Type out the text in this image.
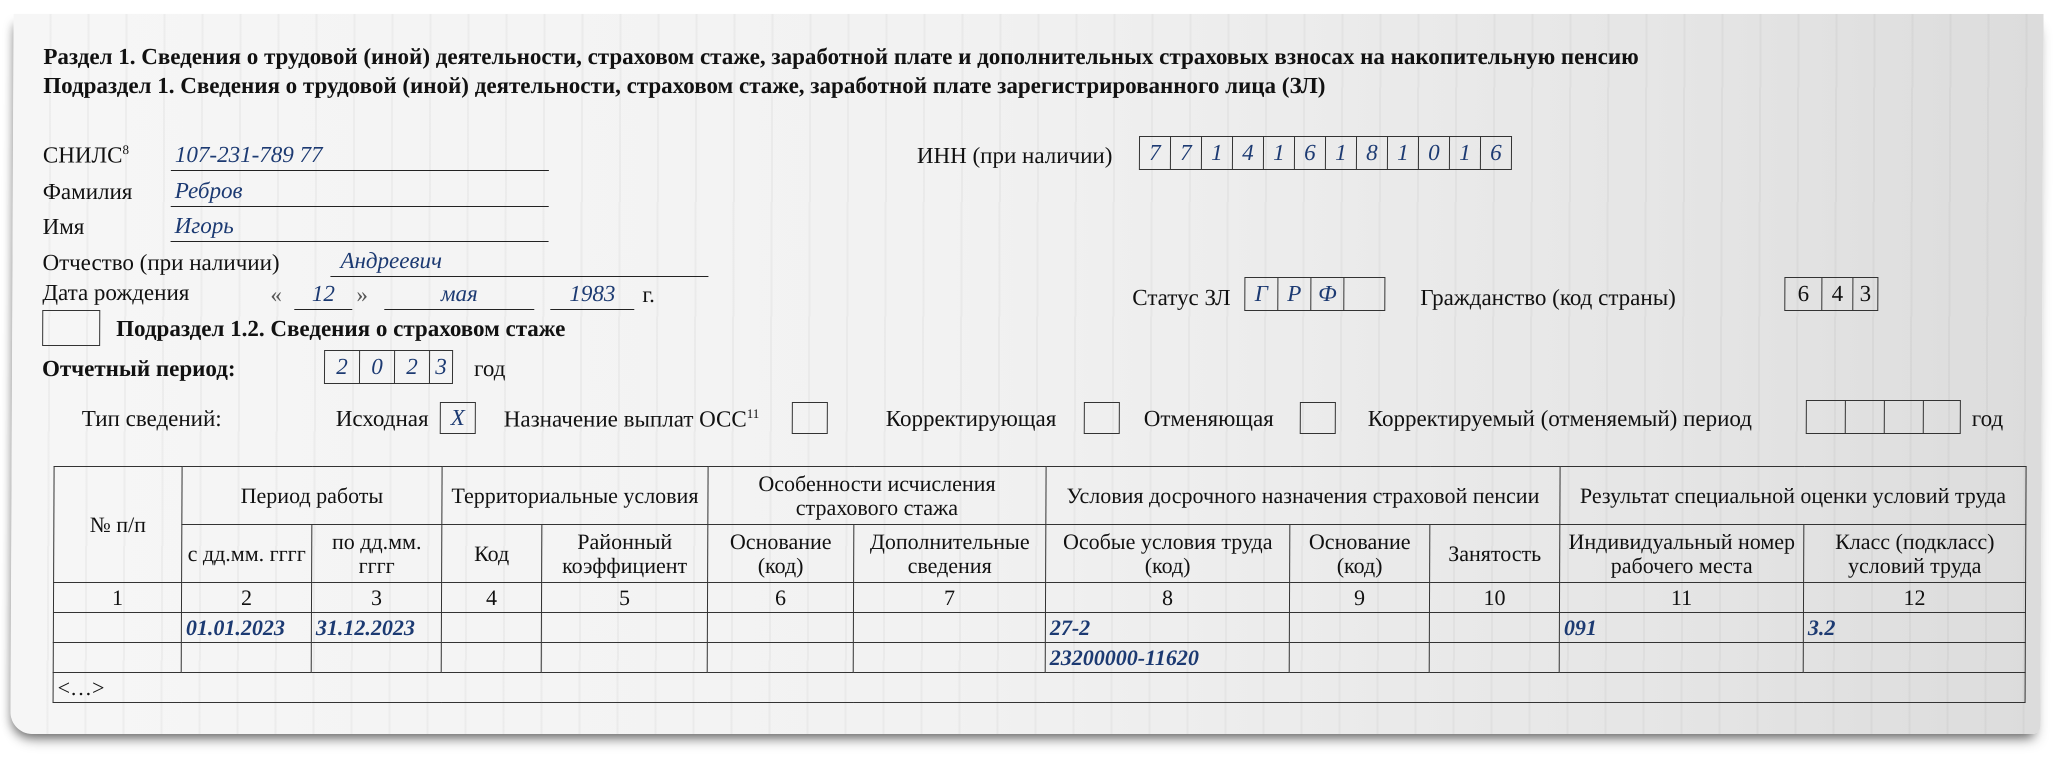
Раздел 1. Сведения о трудовой (иной) деятельности, страховом стаже, заработной плате и дополнительных страховых взносах на накопительную пенсию
Подраздел 1. Сведения о трудовой (иной) деятельности, страховом стаже, заработной плате зарегистрированного лица (ЗЛ)
СНИЛС$^8$ 107-231-789 77
Фамилия Ребров
Имя	Игорь
Отчество (при наличии)	Андреевич
Дата рождения	«	12 »	мая	1983	г.
ИНН (при наличии)	7 7 1 4 1 6 1 8 1 0 1 6
Статус ЗЛ	Г Р Ф	Гражданство (код страны)	6 4 3
Подраздел 1.2. Сведения о страховом стаже
Отчетный период:	2	0	2 3 год
Тип сведений:	Исходная X Назначение выплат ОСС$^{11}$	Корректирующая	Отменяющая	Корректируемый (отменяемый) период	год
№ п/п	Период работы		Территориальные условия		Особенности исчисления страхового стажа		Условия досрочного назначения страховой пенсии			Результат специальной оценки условий труда	
	с дд.мм. гггг	по дд.мм. гггг	Код	Районный коэффициент	Основание (код)	Дополнительные сведения	Особые условия труда (код)	Основание (код)	Занятость	Индивидуальный номер рабочего места	Класс (подкласс) условий труда
1	2	3	4	5	6	7	8	9	10	11	12
	01.01.2023	31.12.2023					27-2			091	3.2
							23200000-11620				
<…>											
